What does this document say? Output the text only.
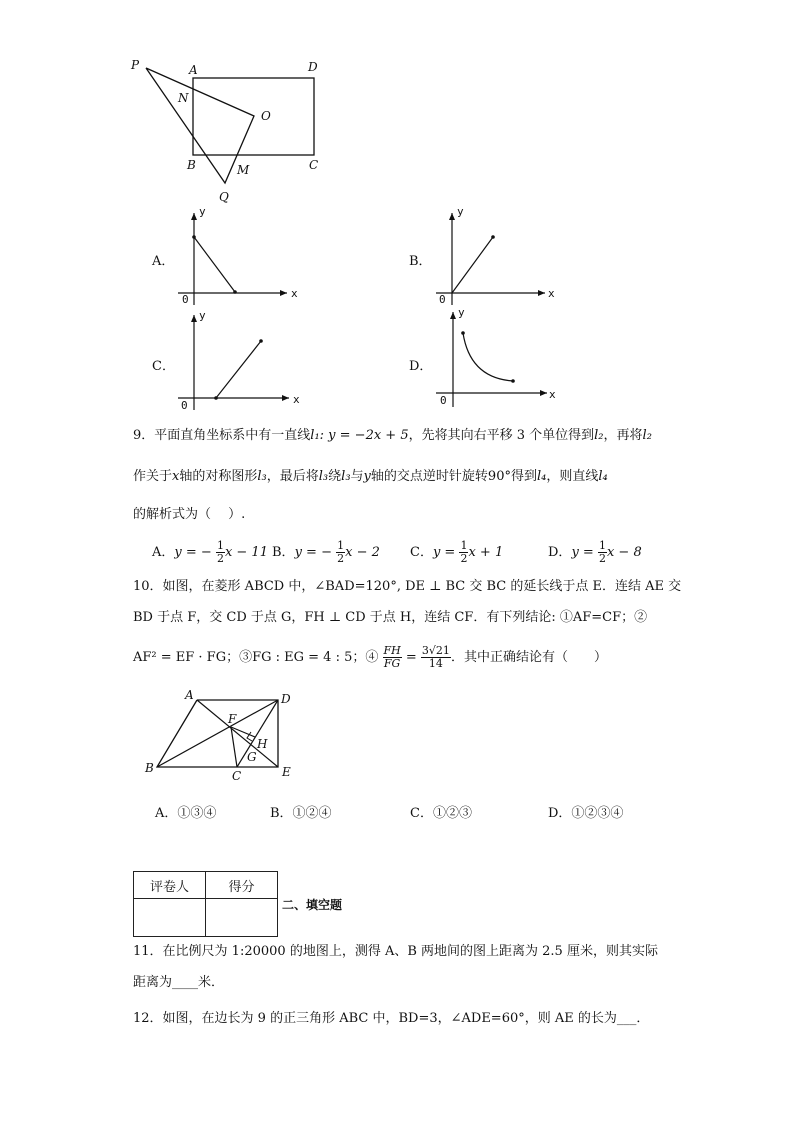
P	A	D
N
O
B	M	C
Q
A．
y
x
0
B．
y
x
0
C．
y
x
0
D．
y
x
0
9．平面直角坐标系中有一直线l₁: y = −2x + 5，先将其向右平移 3 个单位得到l₂，再将l₂
作关于x轴的对称图形l₃，最后将l₃绕l₃与y轴的交点逆时针旋转90°得到l₄，则直线l₄
的解析式为（　 ）.
A．y = − $\frac{1}{2}$ x − 11 B．y = − $\frac{1}{2}$ x − 2 C．$y = \frac{1}{2}$ x + 1	D．$y = \frac{1}{2}$ x − 8
10．如图，在菱形 ABCD 中，∠BAD=120°, DE ⊥ BC 交 BC 的延长线于点 E．连结 AE 交
BD 于点 F，交 CD 于点 G，FH ⊥ CD 于点 H，连结 CF．有下列结论: ①AF=CF；②
AF² = EF · FG；③FG : EG = 4 : 5；④ $\frac{FH}{FG} = \frac{3√21}{14}$ ．其中正确结论有（　　）
A	D
F
H
G
B
C	E
A．①③④	B．①②④	C．①②③	D．①②③④
评卷人	得分

二、填空题
11．在比例尺为 1:20000 的地图上，测得 A、B 两地间的图上距离为 2.5 厘米，则其实际
距离为____米．
12．如图，在边长为 9 的正三角形 ABC 中，BD=3，∠ADE=60°，则 AE 的长为___．
